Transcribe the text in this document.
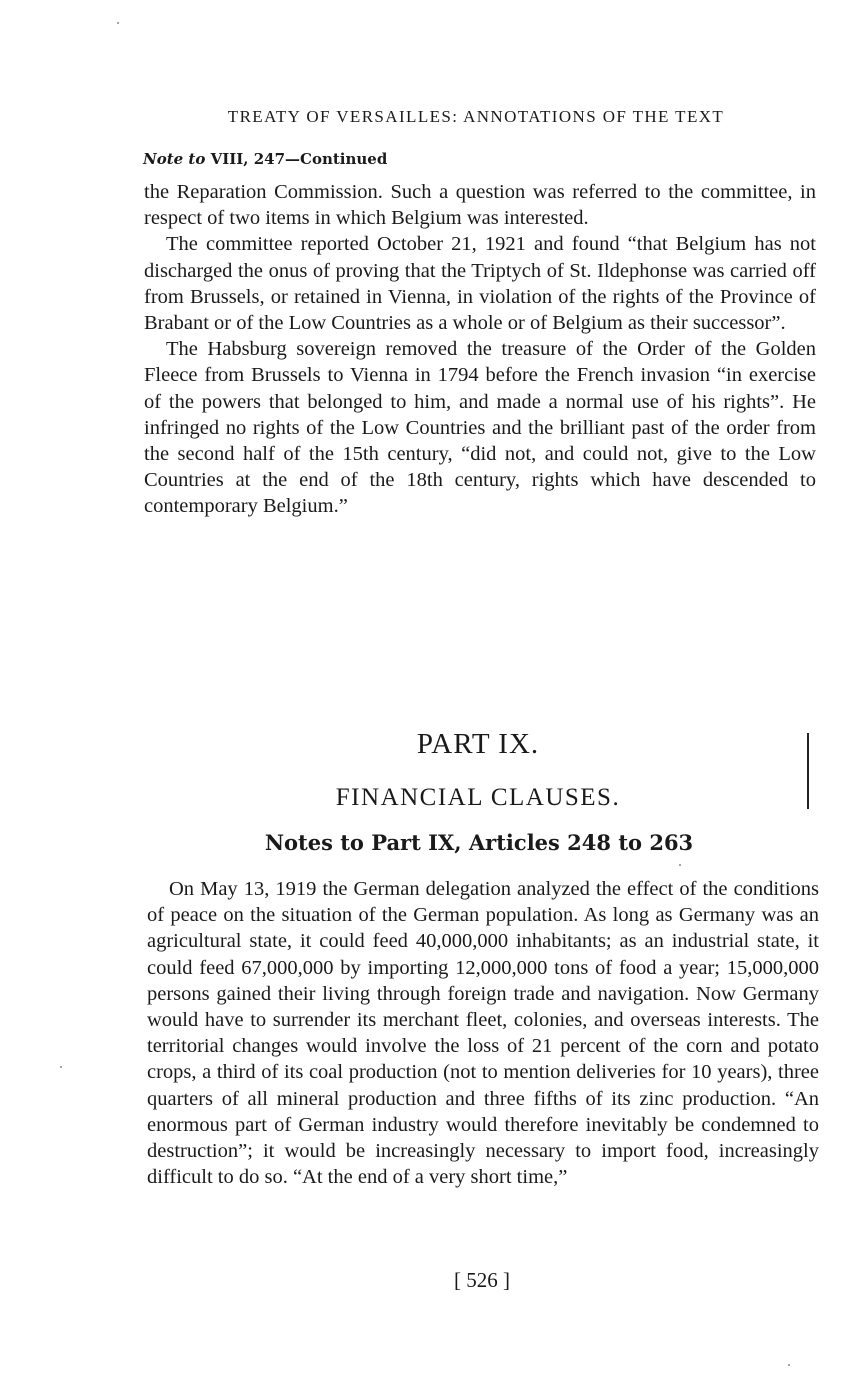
TREATY OF VERSAILLES: ANNOTATIONS OF THE TEXT
Note to VIII, 247—Continued

the Reparation Commission. Such a question was referred to the committee, in respect of two items in which Belgium was interested.

The committee reported October 21, 1921 and found “that Belgium has not discharged the onus of proving that the Triptych of St. Ildephonse was carried off from Brussels, or retained in Vienna, in violation of the rights of the Province of Brabant or of the Low Countries as a whole or of Belgium as their successor”.

The Habsburg sovereign removed the treasure of the Order of the Golden Fleece from Brussels to Vienna in 1794 before the French invasion “in exercise of the powers that belonged to him, and made a normal use of his rights”. He infringed no rights of the Low Countries and the brilliant past of the order from the second half of the 15th century, “did not, and could not, give to the Low Countries at the end of the 18th century, rights which have descended to contemporary Belgium.”

PART IX.
FINANCIAL CLAUSES.
Notes to Part IX, Articles 248 to 263

On May 13, 1919 the German delegation analyzed the effect of the conditions of peace on the situation of the German population. As long as Germany was an agricultural state, it could feed 40,000,000 inhabitants; as an industrial state, it could feed 67,000,000 by importing 12,000,000 tons of food a year; 15,000,000 persons gained their living through foreign trade and navigation. Now Germany would have to surrender its merchant fleet, colonies, and overseas interests. The territorial changes would involve the loss of 21 percent of the corn and potato crops, a third of its coal production (not to mention deliveries for 10 years), three quarters of all mineral production and three fifths of its zinc production. “An enormous part of German industry would therefore inevitably be condemned to destruction”; it would be increasingly necessary to import food, increasingly difficult to do so. “At the end of a very short time,”

[ 526 ]
